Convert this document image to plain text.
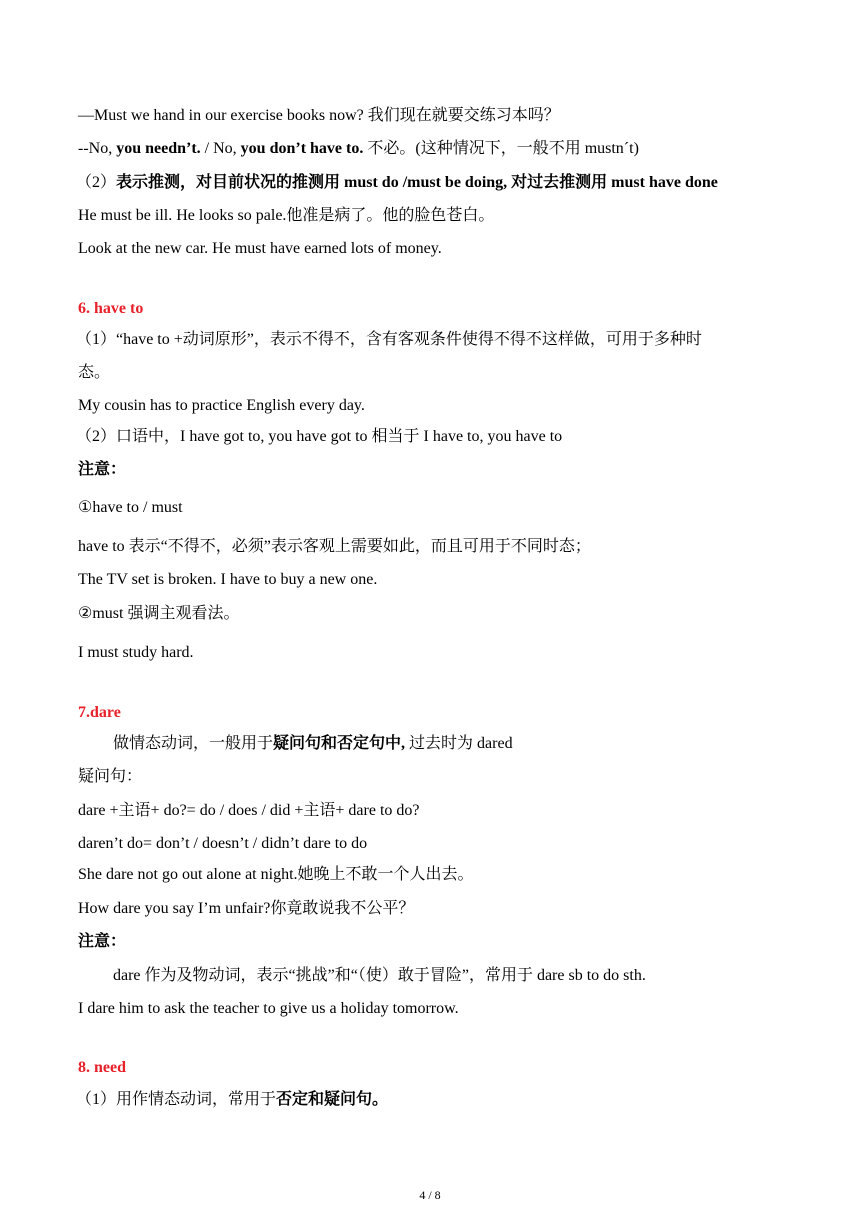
—Must we hand in our exercise books now? 我们现在就要交练习本吗？
--No, you needn’t. / No, you don’t have to. 不必。(这种情况下，一般不用 mustn´t)
（2）表示推测，对目前状况的推测用 must do /must be doing, 对过去推测用 must have done
He must be ill. He looks so pale.他准是病了。他的脸色苍白。
Look at the new car. He must have earned lots of money.
6. have to
（1）“have to +动词原形”，表示不得不，含有客观条件使得不得不这样做，可用于多种时
态。
My cousin has to practice English every day.
（2）口语中，I have got to, you have got to 相当于 I have to, you have to
注意：
①have to / must
have to 表示“不得不，必须”表示客观上需要如此，而且可用于不同时态；
The TV set is broken. I have to buy a new one.
②must 强调主观看法。
I must study hard.
7.dare
做情态动词，一般用于疑问句和否定句中, 过去时为 dared
疑问句：
dare +主语+ do?= do / does / did +主语+ dare to do?
daren’t do= don’t / doesn’t / didn’t dare to do
She dare not go out alone at night.她晚上不敢一个人出去。
How dare you say I’m unfair?你竟敢说我不公平？
注意：
dare 作为及物动词，表示“挑战”和“（使）敢于冒险”，常用于 dare sb to do sth.
I dare him to ask the teacher to give us a holiday tomorrow.
8. need
（1）用作情态动词，常用于否定和疑问句。
4 / 8
